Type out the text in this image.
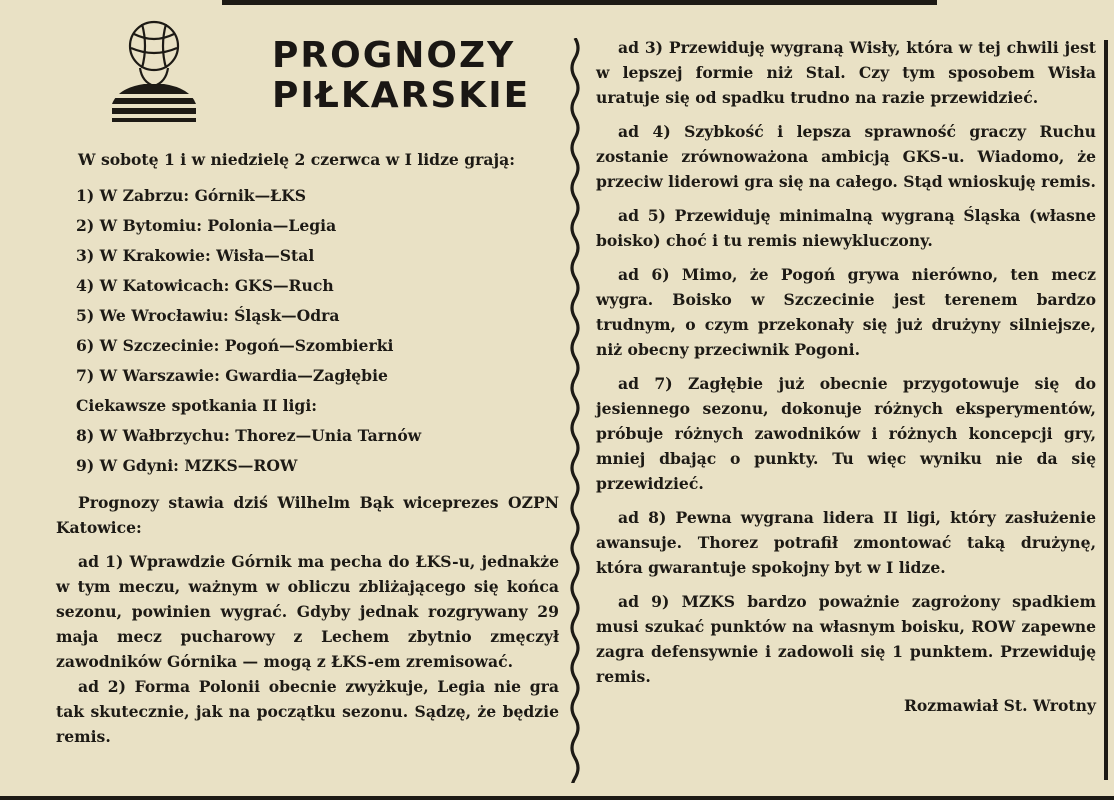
PROGNOZY
PIŁKARSKIE

W sobotę 1 i w niedzielę 2 czerwca w I lidze grają:

1) W Zabrzu: Górnik—ŁKS
2) W Bytomiu: Polonia—Legia
3) W Krakowie: Wisła—Stal
4) W Katowicach: GKS—Ruch
5) We Wrocławiu: Śląsk—Odra
6) W Szczecinie: Pogoń—Szombierki
7) W Warszawie: Gwardia—Zagłębie
Ciekawsze spotkania II ligi:
8) W Wałbrzychu: Thorez—Unia Tarnów
9) W Gdyni: MZKS—ROW

Prognozy stawia dziś Wilhelm Bąk wiceprezes OZPN Katowice:

ad 1) Wprawdzie Górnik ma pecha do ŁKS-u, jednakże w tym meczu, ważnym w obliczu zbliżającego się końca sezonu, powinien wygrać. Gdyby jednak rozgrywany 29 maja mecz pucharowy z Lechem zbytnio zmęczył zawodników Górnika — mogą z ŁKS-em zremisować.

ad 2) Forma Polonii obecnie zwyżkuje, Legia nie gra tak skutecznie, jak na początku sezonu. Sądzę, że będzie remis.

ad 3) Przewiduję wygraną Wisły, która w tej chwili jest w lepszej formie niż Stal. Czy tym sposobem Wisła uratuje się od spadku trudno na razie przewidzieć.

ad 4) Szybkość i lepsza sprawność graczy Ruchu zostanie zrównoważona ambicją GKS-u. Wiadomo, że przeciw liderowi gra się na całego. Stąd wnioskuję remis.

ad 5) Przewiduję minimalną wygraną Śląska (własne boisko) choć i tu remis niewykluczony.

ad 6) Mimo, że Pogoń grywa nierówno, ten mecz wygra. Boisko w Szczecinie jest terenem bardzo trudnym, o czym przekonały się już drużyny silniejsze, niż obecny przeciwnik Pogoni.

ad 7) Zagłębie już obecnie przygotowuje się do jesiennego sezonu, dokonuje różnych eksperymentów, próbuje różnych zawodników i różnych koncepcji gry, mniej dbając o punkty. Tu więc wyniku nie da się przewidzieć.

ad 8) Pewna wygrana lidera II ligi, który zasłużenie awansuje. Thorez potrafił zmontować taką drużynę, która gwarantuje spokojny byt w I lidze.

ad 9) MZKS bardzo poważnie zagrożony spadkiem musi szukać punktów na własnym boisku, ROW zapewne zagra defensywnie i zadowoli się 1 punktem. Przewiduję remis.

Rozmawiał St. Wrotny
